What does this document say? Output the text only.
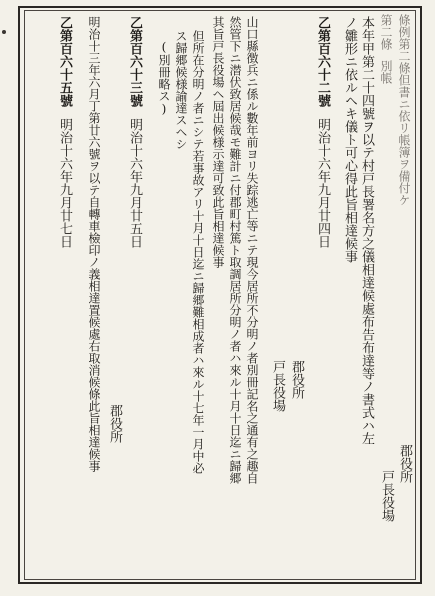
條例第二條但書ニ依リ帳簿ヲ備付ケ
郡役所
第二條
別帳
戸長役場
本年甲第二十四號ヲ以テ村戸長署名方之儀相達候處布告布達等ノ書式ハ左
ノ雛形ニ依ルヘキ儀ト可心得此旨相達候事
乙第百六十二號
明治十六年九月廿四日
郡役所
戸長役場
山口縣徴兵ニ係ル數年前ヨリ失踪逃亡等ニテ現今居所不分明ノ者別冊記名之通有之趣自
然管下ニ潜伏致居候哉モ難計ニ付郡町村篤ト取調居所分明ノ者ハ來ル十月十日迄ニ歸郷
其旨戸長役場ヘ屆出候様示達可致此旨相達候事
但所在分明ノ者ニシテ若事故アリ十月十日迄ニ歸郷難相成者ハ來ル十七年一月中必
ス歸郷候様諭達スヘシ
(別冊略ス)
乙第百六十三號
明治十六年九月廿五日
郡役所
明治十三年六月丁第廿六號ヲ以テ自轉車檢印ノ義相達置候處右取消候條此旨相達候事
乙第百六十五號
明治十六年九月廿七日
